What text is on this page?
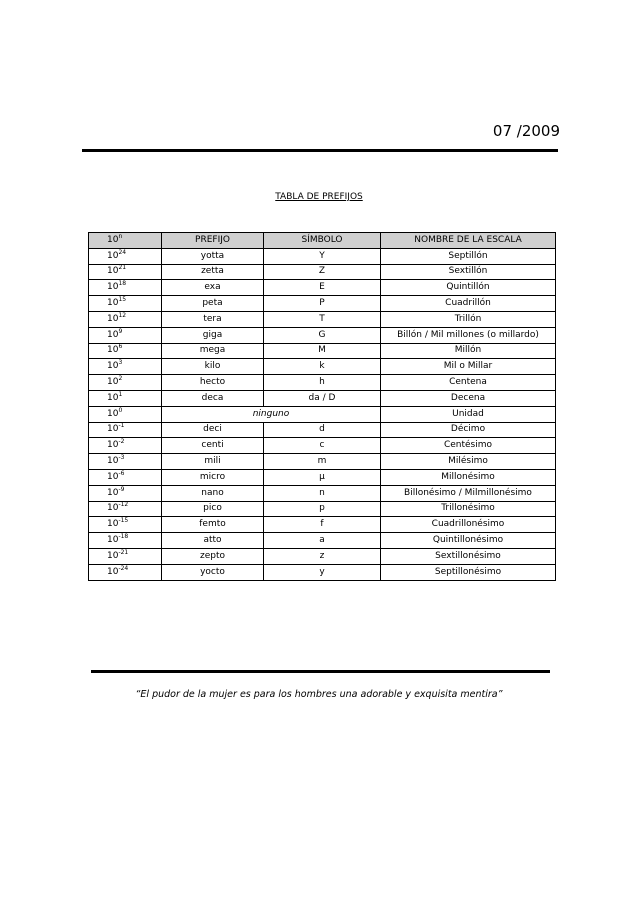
07 /2009
TABLA DE PREFIJOS
10$^n$	PREFIJO	SÍMBOLO	NOMBRE DE LA ESCALA
$10^{24}$	yotta	Y	Septillón
$10^{21}$	zetta	Z	Sextillón
$10^{18}$	exa	E	Quintillón
$10^{15}$	peta	P	Cuadrillón
$10^{12}$	tera	T	Trillón
$10^9$	giga	G	Billón / Mil millones (o millardo)
$10^6$	mega	M	Millón
$10^3$	kilo	k	Mil o Millar
$10^2$	hecto	h	Centena
$10^1$	deca	da / D	Decena
$10^0$	ninguno		Unidad
$10^{-1}$	deci	d	Décimo
$10^{-2}$	centi	c	Centésimo
$10^{-3}$	mili	m	Milésimo
$10^{-6}$	micro	µ	Millonésimo
$10^{-9}$	nano	n	Billonésimo / Milmillonésimo
$10^{-12}$	pico	p	Trillonésimo
$10^{-15}$	femto	f	Cuadrillonésimo
$10^{-18}$	atto	a	Quintillonésimo
$10^{-21}$	zepto	z	Sextillonésimo
$10^{-24}$	yocto	y	Septillonésimo
“El pudor de la mujer es para los hombres una adorable y exquisita mentira”
